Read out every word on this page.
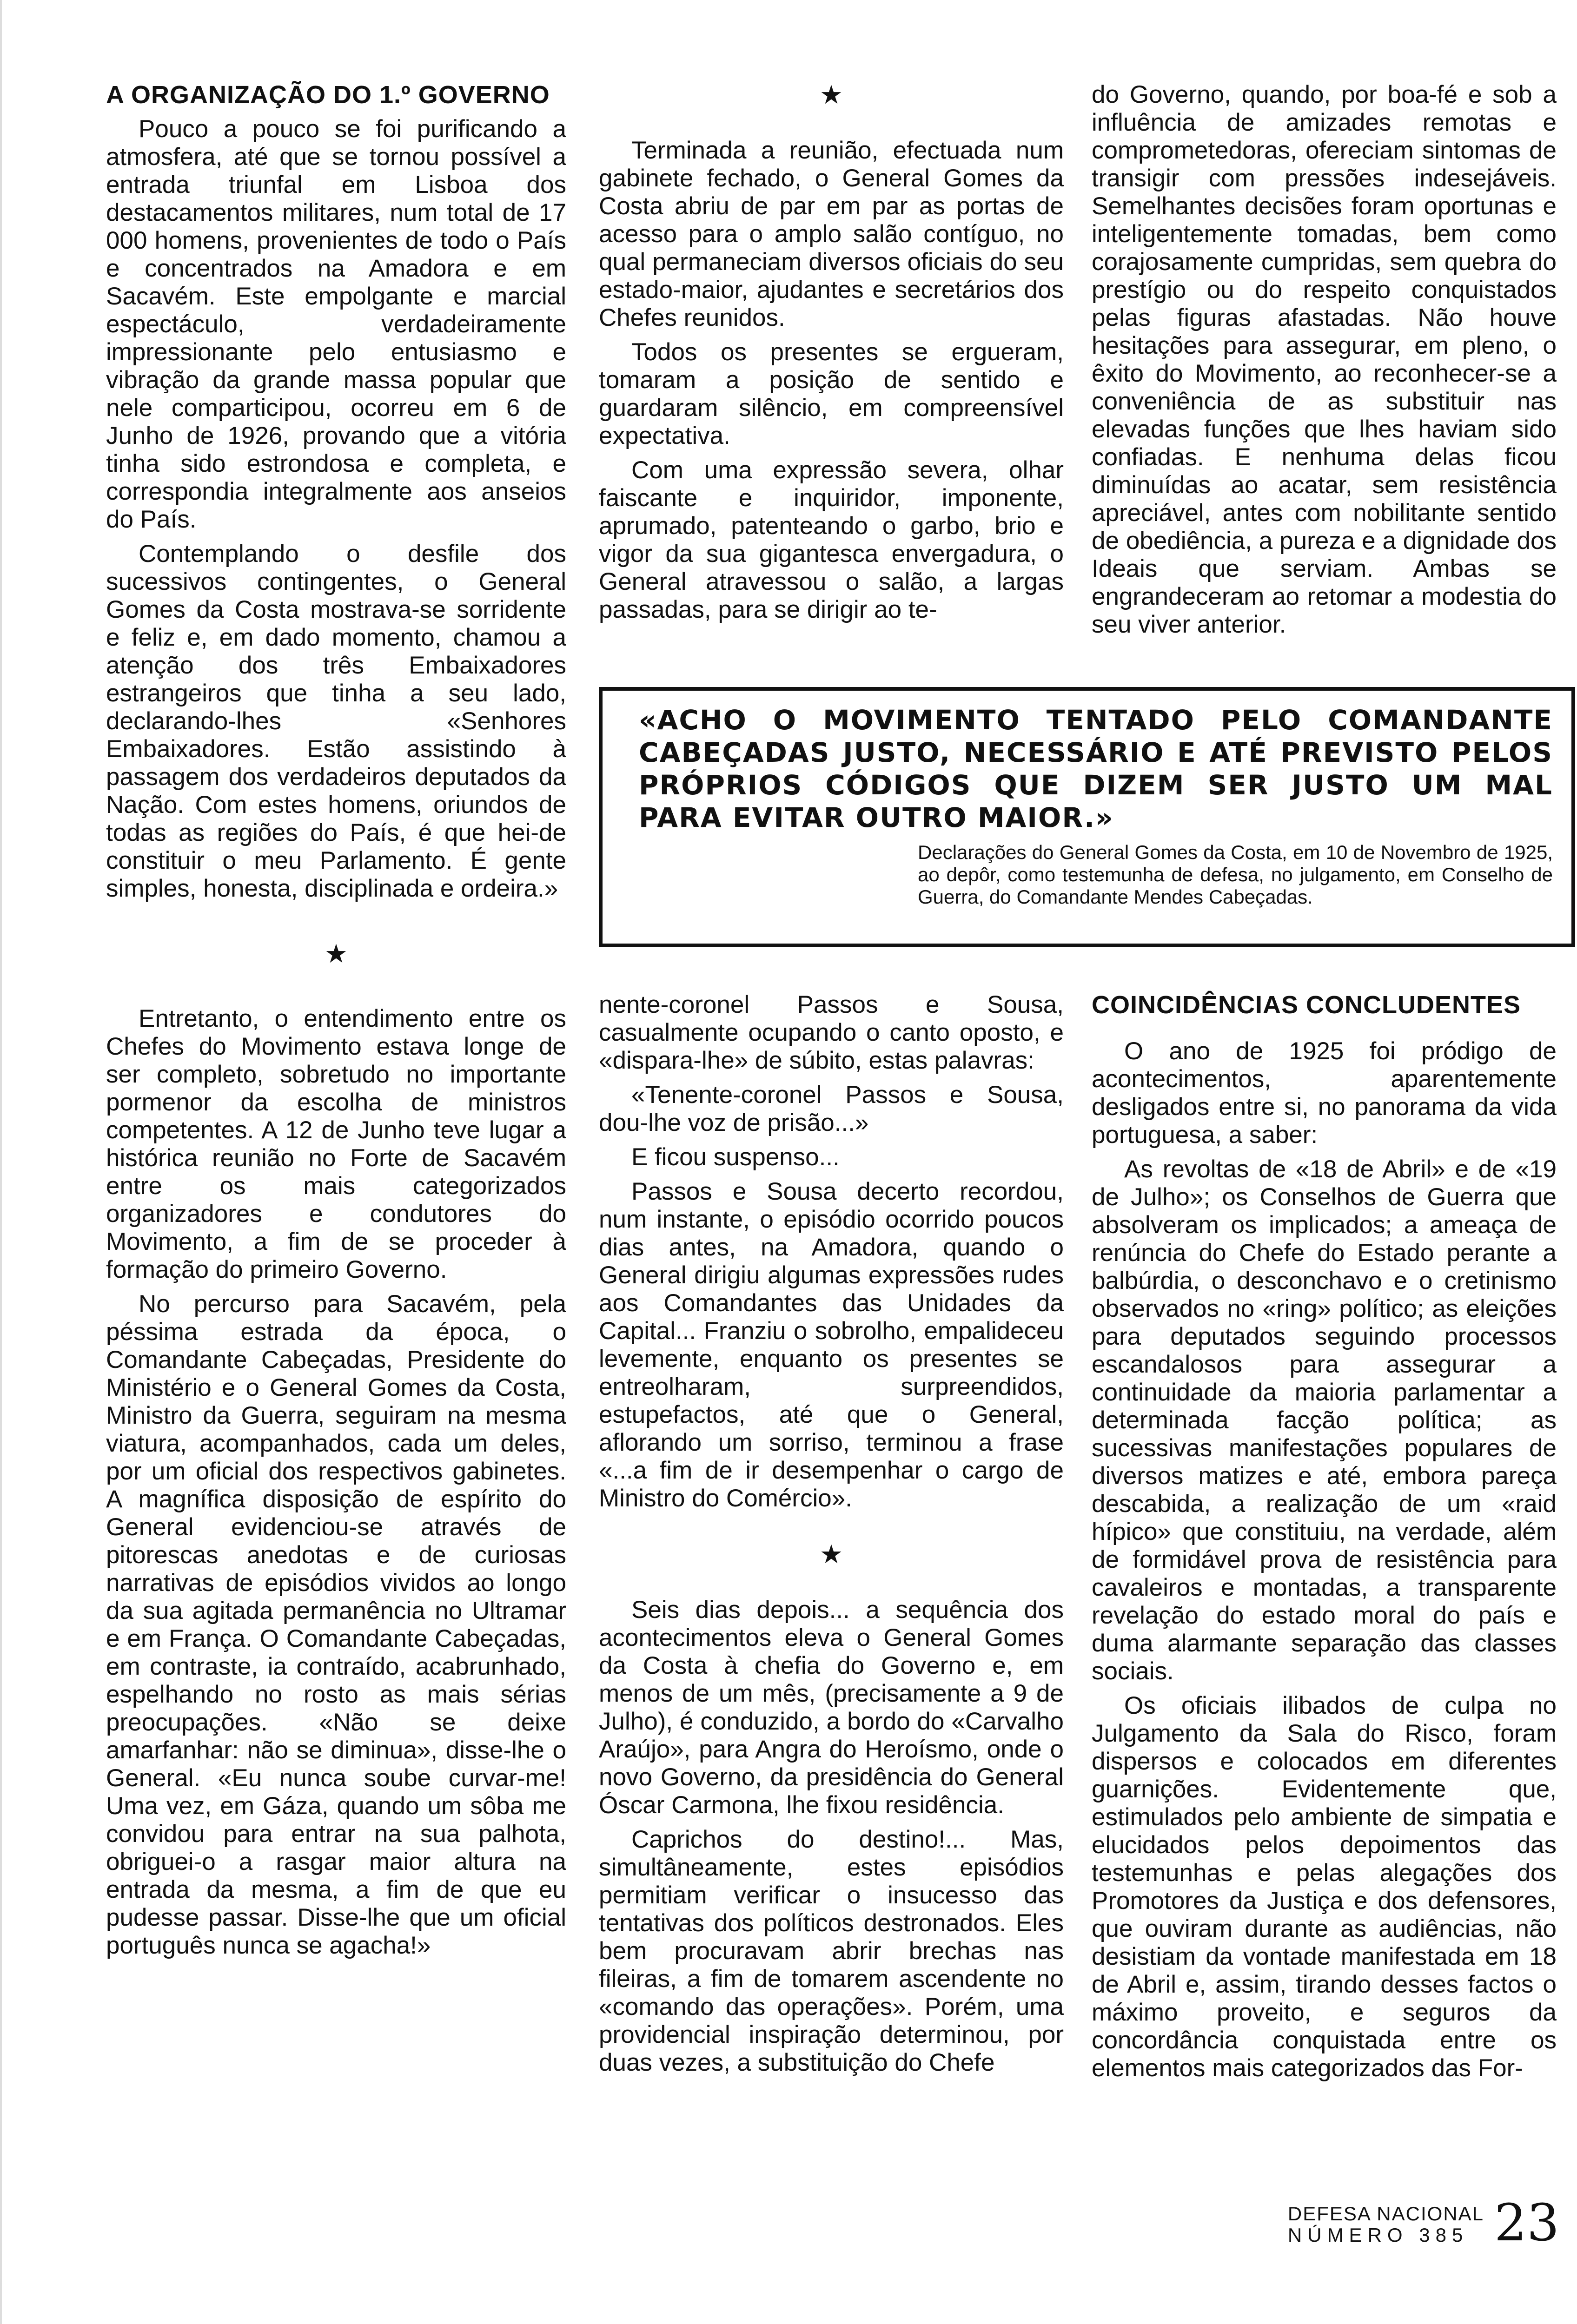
A ORGANIZAÇÃO DO 1.º GOVERNO

Pouco a pouco se foi purificando a atmosfera, até que se tornou possível a entrada triunfal em Lisboa dos destacamentos militares, num total de 17 000 homens, provenientes de todo o País e concentrados na Amadora e em Sacavém. Este empolgante e marcial espectáculo, verdadeiramente impressionante pelo entusiasmo e vibração da grande massa popular que nele comparticipou, ocorreu em 6 de Junho de 1926, provando que a vitória tinha sido estrondosa e completa, e correspondia integralmente aos anseios do País.

Contemplando o desfile dos sucessivos contingentes, o General Gomes da Costa mostrava-se sorridente e feliz e, em dado momento, chamou a atenção dos três Embaixadores estrangeiros que tinha a seu lado, declarando-lhes «Senhores Embaixadores. Estão assistindo à passagem dos verdadeiros deputados da Nação. Com estes homens, oriundos de todas as regiões do País, é que hei-de constituir o meu Parlamento. É gente simples, honesta, disciplinada e ordeira.»

★

Entretanto, o entendimento entre os Chefes do Movimento estava longe de ser completo, sobretudo no importante pormenor da escolha de ministros competentes. A 12 de Junho teve lugar a histórica reunião no Forte de Sacavém entre os mais categorizados organizadores e condutores do Movimento, a fim de se proceder à formação do primeiro Governo.

No percurso para Sacavém, pela péssima estrada da época, o Comandante Cabeçadas, Presidente do Ministério e o General Gomes da Costa, Ministro da Guerra, seguiram na mesma viatura, acompanhados, cada um deles, por um oficial dos respectivos gabinetes. A magnífica disposição de espírito do General evidenciou-se através de pitorescas anedotas e de curiosas narrativas de episódios vividos ao longo da sua agitada permanência no Ultramar e em França. O Comandante Cabeçadas, em contraste, ia contraído, acabrunhado, espelhando no rosto as mais sérias preocupações. «Não se deixe amarfanhar: não se diminua», disse-lhe o General. «Eu nunca soube curvar-me! Uma vez, em Gáza, quando um sôba me convidou para entrar na sua palhota, obriguei-o a rasgar maior altura na entrada da mesma, a fim de que eu pudesse passar. Disse-lhe que um oficial português nunca se agacha!»

★

Terminada a reunião, efectuada num gabinete fechado, o General Gomes da Costa abriu de par em par as portas de acesso para o amplo salão contíguo, no qual permaneciam diversos oficiais do seu estado-maior, ajudantes e secretários dos Chefes reunidos.

Todos os presentes se ergueram, tomaram a posição de sentido e guardaram silêncio, em compreensível expectativa.

Com uma expressão severa, olhar faiscante e inquiridor, imponente, aprumado, patenteando o garbo, brio e vigor da sua gigantesca envergadura, o General atravessou o salão, a largas passadas, para se dirigir ao te-

do Governo, quando, por boa-fé e sob a influência de amizades remotas e comprometedoras, ofereciam sintomas de transigir com pressões indesejáveis. Semelhantes decisões foram oportunas e inteligentemente tomadas, bem como corajosamente cumpridas, sem quebra do prestígio ou do respeito conquistados pelas figuras afastadas. Não houve hesitações para assegurar, em pleno, o êxito do Movimento, ao reconhecer-se a conveniência de as substituir nas elevadas funções que lhes haviam sido confiadas. E nenhuma delas ficou diminuídas ao acatar, sem resistência apreciável, antes com nobilitante sentido de obediência, a pureza e a dignidade dos Ideais que serviam. Ambas se engrandeceram ao retomar a modestia do seu viver anterior.

«ACHO O MOVIMENTO TENTADO PELO COMANDANTE CABEÇADAS JUSTO, NECESSÁRIO E ATÉ PREVISTO PELOS PRÓPRIOS CÓDIGOS QUE DIZEM SER JUSTO UM MAL PARA EVITAR OUTRO MAIOR.»

Declarações do General Gomes da Costa, em 10 de Novembro de 1925, ao depôr, como testemunha de defesa, no julgamento, em Conselho de Guerra, do Comandante Mendes Cabeçadas.

nente-coronel Passos e Sousa, casualmente ocupando o canto oposto, e «dispara-lhe» de súbito, estas palavras:

«Tenente-coronel Passos e Sousa, dou-lhe voz de prisão...»

E ficou suspenso...

Passos e Sousa decerto recordou, num instante, o episódio ocorrido poucos dias antes, na Amadora, quando o General dirigiu algumas expressões rudes aos Comandantes das Unidades da Capital... Franziu o sobrolho, empalideceu levemente, enquanto os presentes se entreolharam, surpreendidos, estupefactos, até que o General, aflorando um sorriso, terminou a frase «...a fim de ir desempenhar o cargo de Ministro do Comércio».

★

Seis dias depois... a sequência dos acontecimentos eleva o General Gomes da Costa à chefia do Governo e, em menos de um mês, (precisamente a 9 de Julho), é conduzido, a bordo do «Carvalho Araújo», para Angra do Heroísmo, onde o novo Governo, da presidência do General Óscar Carmona, lhe fixou residência.

Caprichos do destino!... Mas, simultâneamente, estes episódios permitiam verificar o insucesso das tentativas dos políticos destronados. Eles bem procuravam abrir brechas nas fileiras, a fim de tomarem ascendente no «comando das operações». Porém, uma providencial inspiração determinou, por duas vezes, a substituição do Chefe

COINCIDÊNCIAS CONCLUDENTES

O ano de 1925 foi pródigo de acontecimentos, aparentemente desligados entre si, no panorama da vida portuguesa, a saber:

As revoltas de «18 de Abril» e de «19 de Julho»; os Conselhos de Guerra que absolveram os implicados; a ameaça de renúncia do Chefe do Estado perante a balbúrdia, o desconchavo e o cretinismo observados no «ring» político; as eleições para deputados seguindo processos escandalosos para assegurar a continuidade da maioria parlamentar a determinada facção política; as sucessivas manifestações populares de diversos matizes e até, embora pareça descabida, a realização de um «raid hípico» que constituiu, na verdade, além de formidável prova de resistência para cavaleiros e montadas, a transparente revelação do estado moral do país e duma alarmante separação das classes sociais.

Os oficiais ilibados de culpa no Julgamento da Sala do Risco, foram dispersos e colocados em diferentes guarnições. Evidentemente que, estimulados pelo ambiente de simpatia e elucidados pelos depoimentos das testemunhas e pelas alegações dos Promotores da Justiça e dos defensores, que ouviram durante as audiências, não desistiam da vontade manifestada em 18 de Abril e, assim, tirando desses factos o máximo proveito, e seguros da concordância conquistada entre os elementos mais categorizados das For-

DEFESA NACIONAL
NÚMERO 385 23
